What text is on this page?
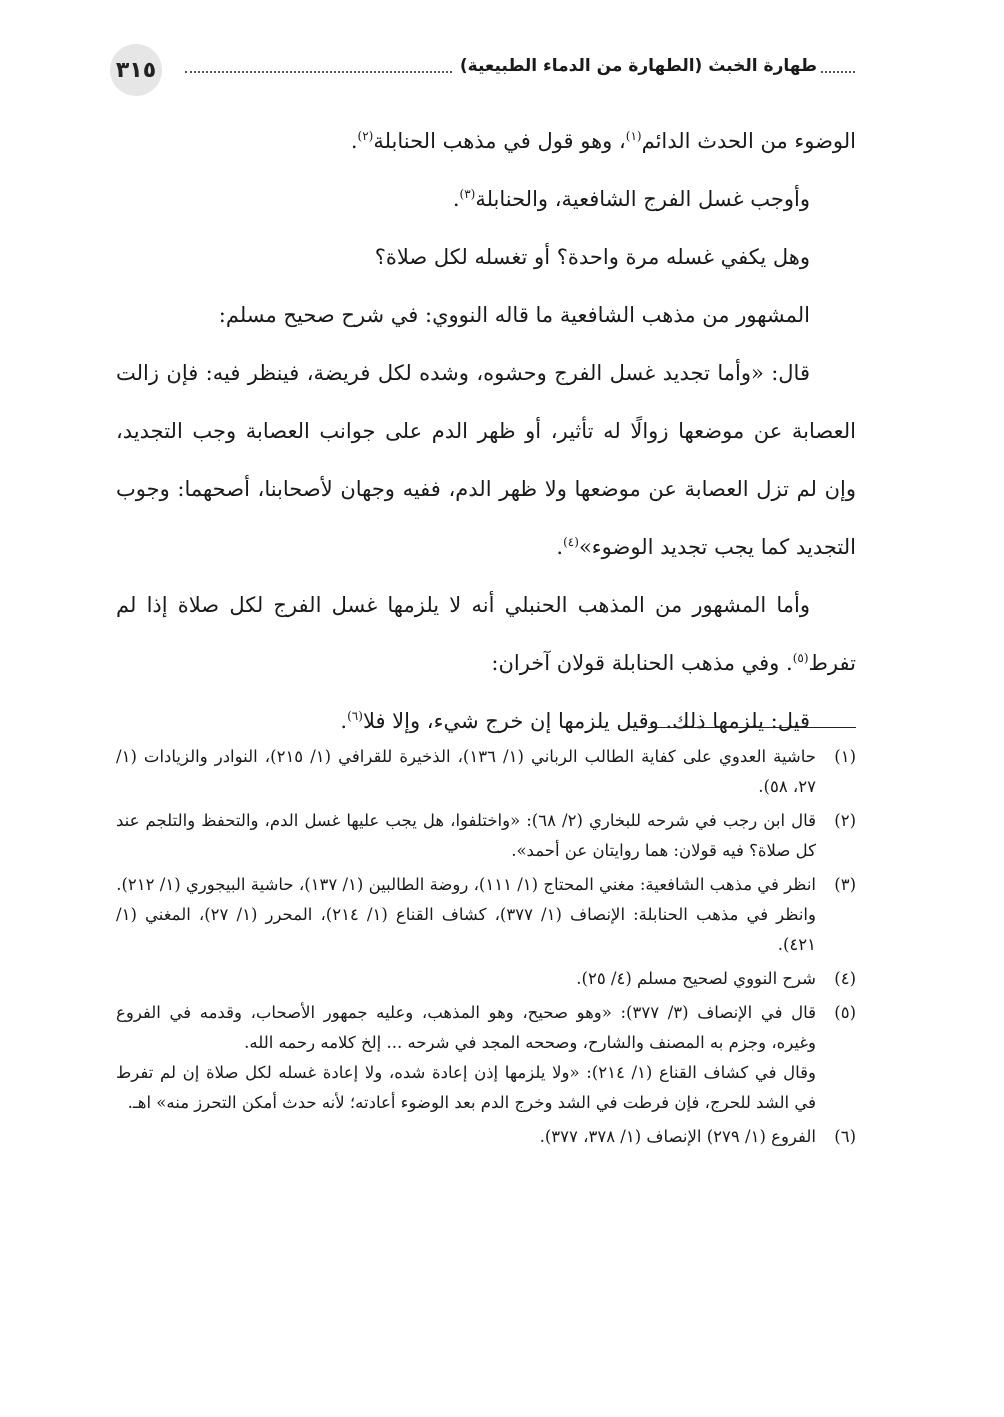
٣١٥	طهارة الخبث (الطهارة من الدماء الطبيعية)

الوضوء من الحدث الدائم$^{(١)}$، وهو قول في مذهب الحنابلة$^{(٢)}$.

وأوجب غسل الفرج الشافعية، والحنابلة$^{(٣)}$.

وهل يكفي غسله مرة واحدة؟ أو تغسله لكل صلاة؟

المشهور من مذهب الشافعية ما قاله النووي: في شرح صحيح مسلم:

قال: «وأما تجديد غسل الفرج وحشوه، وشده لكل فريضة، فينظر فيه: فإن زالت العصابة عن موضعها زوالًا له تأثير، أو ظهر الدم على جوانب العصابة وجب التجديد، وإن لم تزل العصابة عن موضعها ولا ظهر الدم، ففيه وجهان لأصحابنا، أصحهما: وجوب التجديد كما يجب تجديد الوضوء»$^{(٤)}$.

وأما المشهور من المذهب الحنبلي أنه لا يلزمها غسل الفرج لكل صلاة إذا لم تفرط$^{(٥)}$. وفي مذهب الحنابلة قولان آخران:

قيل: يلزمها ذلك. وقيل يلزمها إن خرج شيء، وإلا فلا$^{(٦)}$.

(١)

حاشية العدوي على كفاية الطالب الرباني (١/ ١٣٦)، الذخيرة للقرافي (١/ ٢١٥)، النوادر والزيادات (١/ ٢٧، ٥٨).

(٢)

قال ابن رجب في شرحه للبخاري (٢/ ٦٨): «واختلفوا، هل يجب عليها غسل الدم، والتحفظ والتلجم عند كل صلاة؟ فيه قولان: هما روايتان عن أحمد».

(٣)

انظر في مذهب الشافعية: مغني المحتاج (١/ ١١١)، روضة الطالبين (١/ ١٣٧)، حاشية البيجوري (١/ ٢١٢).

وانظر في مذهب الحنابلة: الإنصاف (١/ ٣٧٧)، كشاف القناع (١/ ٢١٤)، المحرر (١/ ٢٧)، المغني (١/ ٤٢١).

(٤)

شرح النووي لصحيح مسلم (٤/ ٢٥).

(٥)

قال في الإنصاف (٣/ ٣٧٧): «وهو صحيح، وهو المذهب، وعليه جمهور الأصحاب، وقدمه في الفروع وغيره، وجزم به المصنف والشارح، وصححه المجد في شرحه ... إلخ كلامه رحمه الله.

وقال في كشاف القناع (١/ ٢١٤): «ولا يلزمها إذن إعادة شده، ولا إعادة غسله لكل صلاة إن لم تفرط في الشد للحرج، فإن فرطت في الشد وخرج الدم بعد الوضوء أعادته؛ لأنه حدث أمكن التحرز منه» اهـ.

(٦)

الفروع (١/ ٢٧٩) الإنصاف (١/ ٣٧٨، ٣٧٧).
